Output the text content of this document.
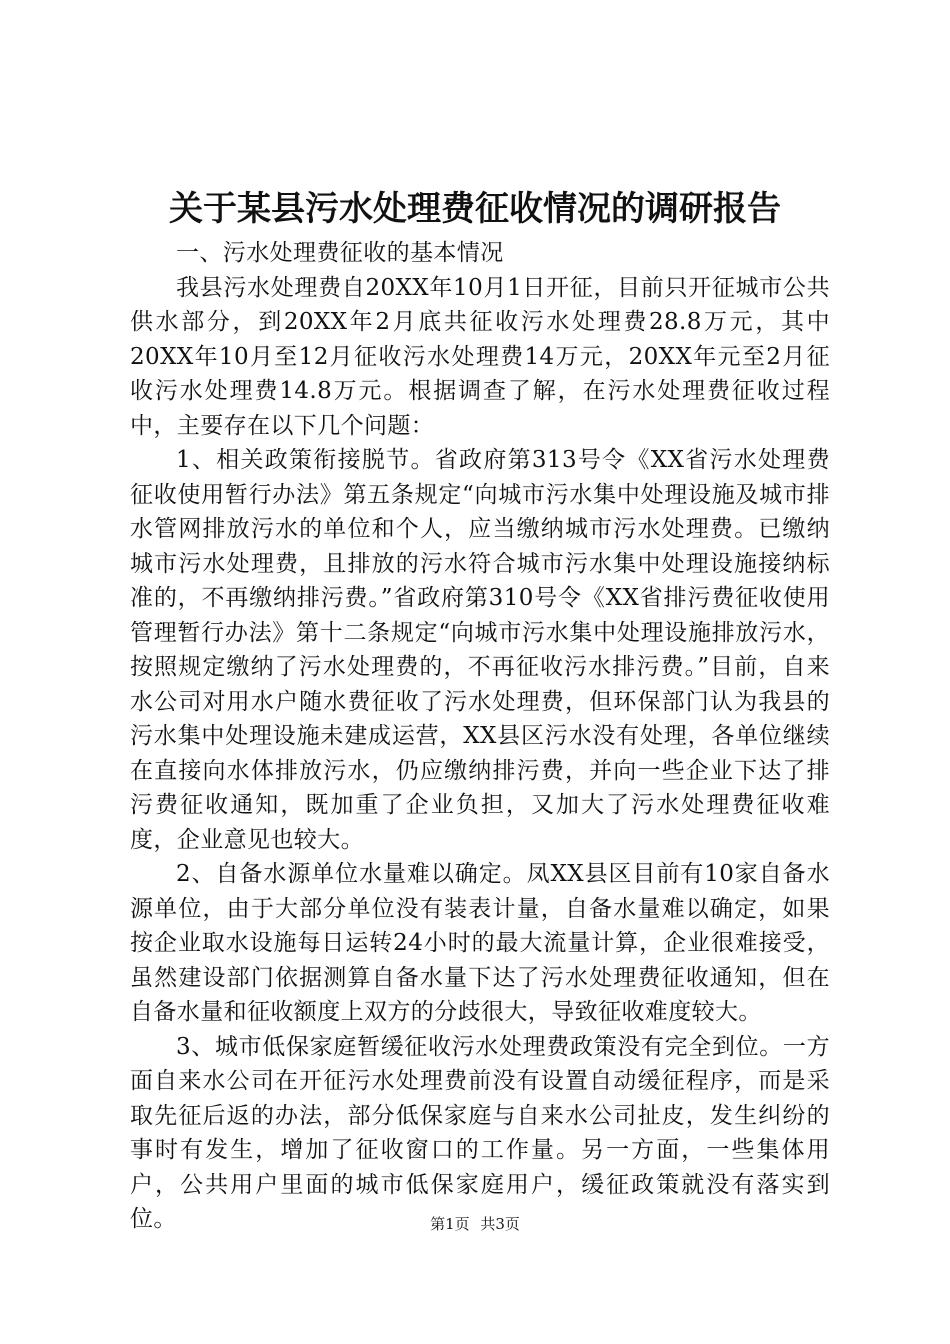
关于某县污水处理费征收情况的调研报告

一、污水处理费征收的基本情况

我县污水处理费自20XX年10月1日开征，目前只开征城市公共供水部分，到20XX年2月底共征收污水处理费28.8万元，其中20XX年10月至12月征收污水处理费14万元，20XX年元至2月征收污水处理费14.8万元。根据调查了解，在污水处理费征收过程中，主要存在以下几个问题：

1、相关政策衔接脱节。省政府第313号令《XX省污水处理费征收使用暂行办法》第五条规定“向城市污水集中处理设施及城市排水管网排放污水的单位和个人，应当缴纳城市污水处理费。已缴纳城市污水处理费，且排放的污水符合城市污水集中处理设施接纳标准的，不再缴纳排污费。”省政府第310号令《XX省排污费征收使用管理暂行办法》第十二条规定“向城市污水集中处理设施排放污水，按照规定缴纳了污水处理费的，不再征收污水排污费。”目前，自来水公司对用水户随水费征收了污水处理费，但环保部门认为我县的污水集中处理设施未建成运营，XX县区污水没有处理，各单位继续在直接向水体排放污水，仍应缴纳排污费，并向一些企业下达了排污费征收通知，既加重了企业负担，又加大了污水处理费征收难度，企业意见也较大。

2、自备水源单位水量难以确定。凤XX县区目前有10家自备水源单位，由于大部分单位没有装表计量，自备水量难以确定，如果按企业取水设施每日运转24小时的最大流量计算，企业很难接受，虽然建设部门依据测算自备水量下达了污水处理费征收通知，但在自备水量和征收额度上双方的分歧很大，导致征收难度较大。

3、城市低保家庭暂缓征收污水处理费政策没有完全到位。一方面自来水公司在开征污水处理费前没有设置自动缓征程序，而是采取先征后返的办法，部分低保家庭与自来水公司扯皮，发生纠纷的事时有发生，增加了征收窗口的工作量。另一方面，一些集体用户，公共用户里面的城市低保家庭用户，缓征政策就没有落实到位。	第1页 共3页
